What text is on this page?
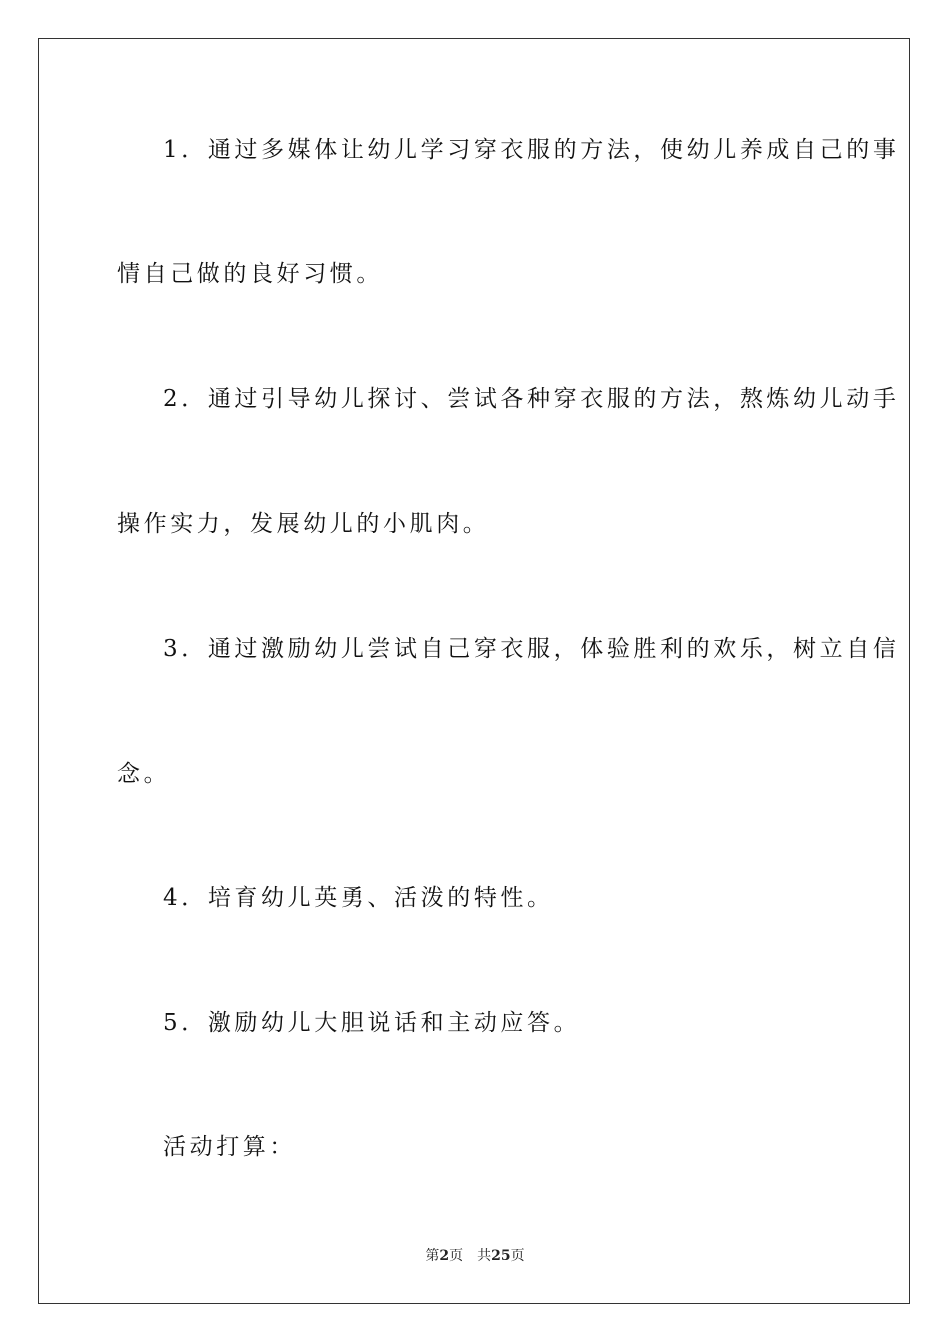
1．通过多媒体让幼儿学习穿衣服的方法，使幼儿养成自己的事
情自己做的良好习惯。
2．通过引导幼儿探讨、尝试各种穿衣服的方法，熬炼幼儿动手
操作实力，发展幼儿的小肌肉。
3．通过激励幼儿尝试自己穿衣服，体验胜利的欢乐，树立自信
念。
4．培育幼儿英勇、活泼的特性。
5．激励幼儿大胆说话和主动应答。
活动打算：
第2页 共25页
